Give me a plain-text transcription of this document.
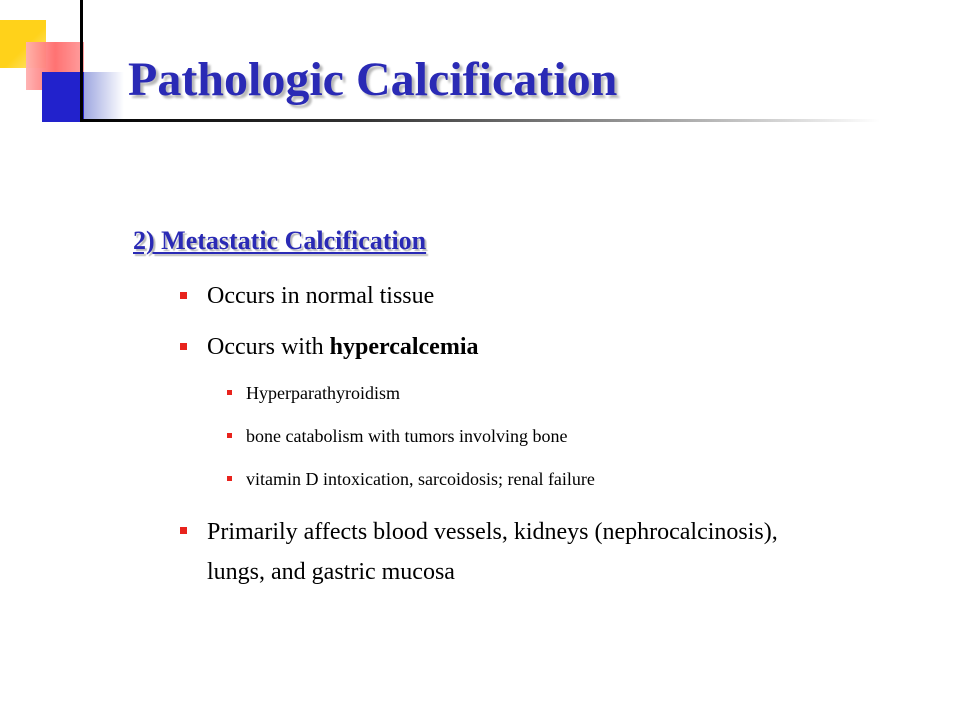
Pathologic Calcification
2) Metastatic Calcification
Occurs in normal tissue
Occurs with hypercalcemia
Hyperparathyroidism
bone catabolism with tumors involving bone
vitamin D intoxication, sarcoidosis; renal failure
Primarily affects blood vessels, kidneys (nephrocalcinosis), lungs, and gastric mucosa
